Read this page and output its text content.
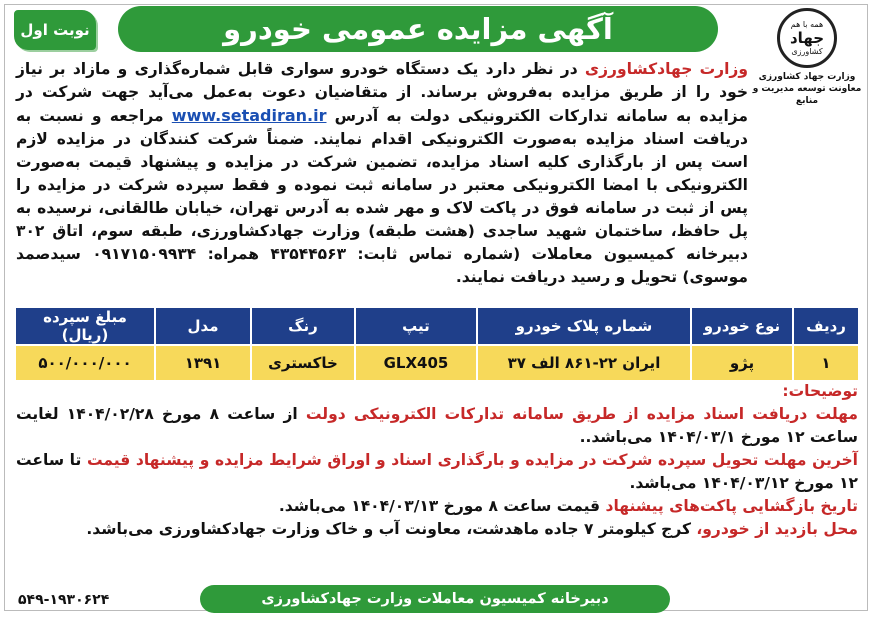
آگهی مزایده عمومی خودرو
نوبت اول	همه با هم
جهاد
کشاورزی
وزارت جهاد کشاورزی
معاونت توسعه مدیریت و منابع

وزارت جهادکشاورزی در نظر دارد یک دستگاه خودرو سواری قابل شماره‌گذاری و مازاد بر نیاز خود را از طریق مزایده به‌فروش برساند. از متقاضیان دعوت به‌عمل می‌آید جهت شرکت در مزایده به سامانه تدارکات الکترونیکی دولت به آدرس www.setadiran.ir مراجعه و نسبت به دریافت اسناد مزایده به‌صورت الکترونیکی اقدام نمایند. ضمناً شرکت کنندگان در مزایده لازم است پس از بارگذاری کلیه اسناد مزایده، تضمین شرکت در مزایده و پیشنهاد قیمت به‌صورت الکترونیکی با امضا الکترونیکی معتبر در سامانه ثبت نموده و فقط سپرده شرکت در مزایده را پس از ثبت در سامانه فوق در پاکت لاک و مهر شده به آدرس تهران، خیابان طالقانی، نرسیده به پل حافظ، ساختمان شهید ساجدی (هشت طبقه) وزارت جهادکشاورزی، طبقه سوم، اتاق ۳۰۲ دبیرخانه کمیسیون معاملات (شماره تماس ثابت: ۴۳۵۴۴۵۶۳ همراه: ۰۹۱۷۱۵۰۹۹۳۴ سیدصمد موسوی) تحویل و رسید دریافت نمایند.

ردیف	نوع خودرو	شماره پلاک خودرو	تیپ	رنگ	مدل	مبلغ سپرده (ریال)
۱	پژو	ایران ۲۲-۸۶۱ الف ۳۷	GLX405	خاکستری	۱۳۹۱	۵۰۰/۰۰۰/۰۰۰

توضیحات:

مهلت دریافت اسناد مزایده از طریق سامانه تدارکات الکترونیکی دولت از ساعت ۸ مورخ ۱۴۰۴/۰۲/۲۸ لغایت ساعت ۱۲ مورخ ۱۴۰۴/۰۳/۱ می‌باشد..

آخرین مهلت تحویل سپرده شرکت در مزایده و بارگذاری اسناد و اوراق شرایط مزایده و پیشنهاد قیمت تا ساعت ۱۲ مورخ ۱۴۰۴/۰۳/۱۲ می‌باشد.

تاریخ بازگشایی پاکت‌های پیشنهاد قیمت ساعت ۸ مورخ ۱۴۰۴/۰۳/۱۳ می‌باشد.

محل بازدید از خودرو، کرج کیلومتر ۷ جاده ماهدشت، معاونت آب و خاک وزارت جهادکشاورزی می‌باشد.

دبیرخانه کمیسیون معاملات وزارت جهادکشاورزی
۵۴۹-۱۹۳۰۶۲۴
